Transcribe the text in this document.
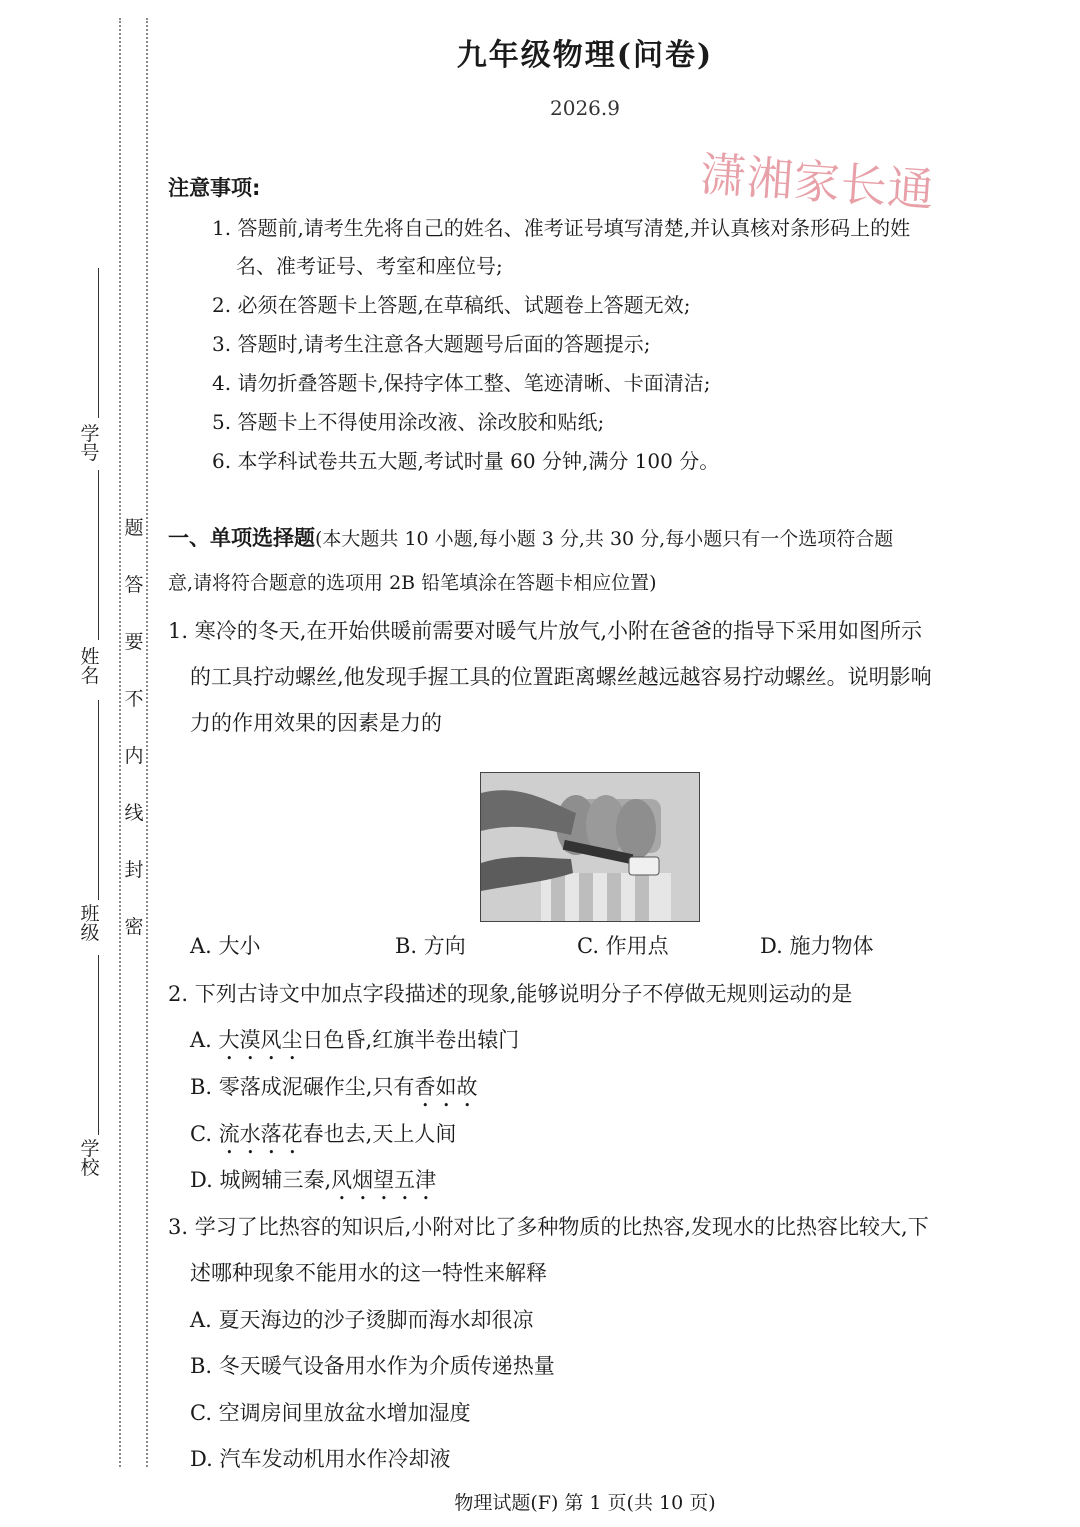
学 号
姓 名
班 级
学 校
密
封
线
内
不
要
答
题
九年级物理(问卷)
2026.9
潇湘家长通
注意事项:
1. 答题前,请考生先将自己的姓名、准考证号填写清楚,并认真核对条形码上的姓
名、准考证号、考室和座位号;
2. 必须在答题卡上答题,在草稿纸、试题卷上答题无效;
3. 答题时,请考生注意各大题题号后面的答题提示;
4. 请勿折叠答题卡,保持字体工整、笔迹清晰、卡面清洁;
5. 答题卡上不得使用涂改液、涂改胶和贴纸;
6. 本学科试卷共五大题,考试时量 60 分钟,满分 100 分。
一、单项选择题(本大题共 10 小题,每小题 3 分,共 30 分,每小题只有一个选项符合题
意,请将符合题意的选项用 2B 铅笔填涂在答题卡相应位置)
1. 寒冷的冬天,在开始供暖前需要对暖气片放气,小附在爸爸的指导下采用如图所示
的工具拧动螺丝,他发现手握工具的位置距离螺丝越远越容易拧动螺丝。说明影响
力的作用效果的因素是力的
A. 大小	B. 方向	C. 作用点	D. 施力物体
2. 下列古诗文中加点字段描述的现象,能够说明分子不停做无规则运动的是
A. 大漠风尘日色昏,红旗半卷出辕门
B. 零落成泥碾作尘,只有香如故
C. 流水落花春也去,天上人间
D. 城阙辅三秦,风烟望五津
3. 学习了比热容的知识后,小附对比了多种物质的比热容,发现水的比热容比较大,下
述哪种现象不能用水的这一特性来解释
A. 夏天海边的沙子烫脚而海水却很凉
B. 冬天暖气设备用水作为介质传递热量
C. 空调房间里放盆水增加湿度
D. 汽车发动机用水作冷却液
物理试题(F) 第 1 页(共 10 页)
